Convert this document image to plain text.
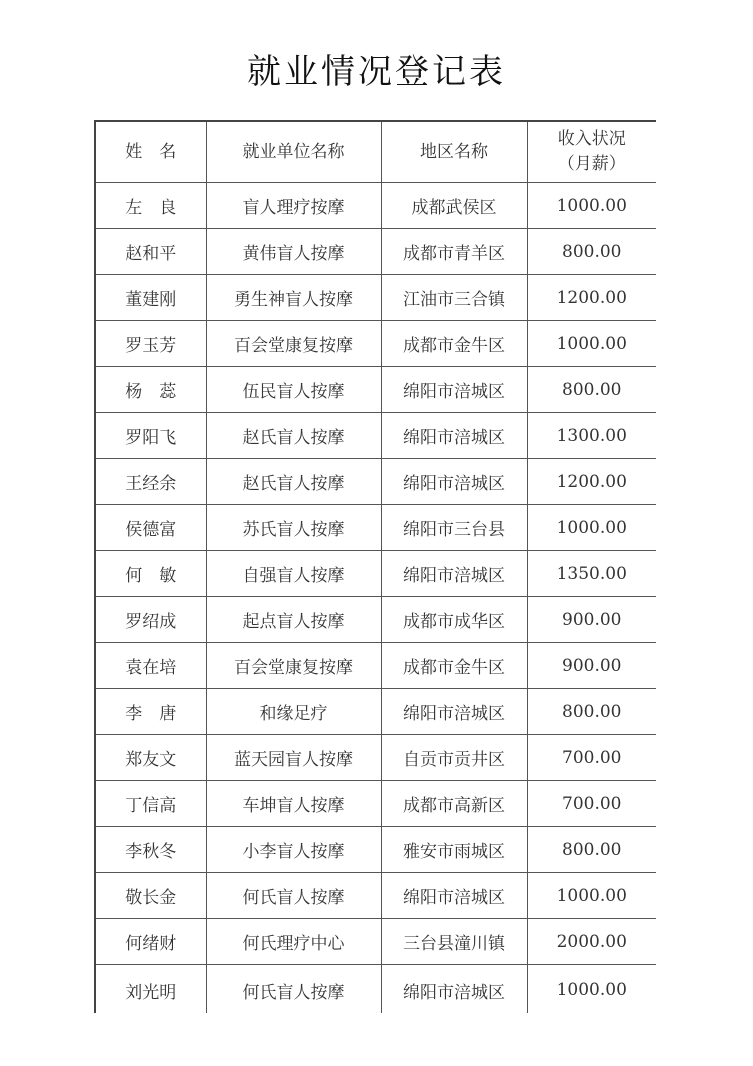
就业情况登记表
姓　名	就业单位名称	地区名称	收入状况
（月薪）

左　良	盲人理疗按摩	成都武侯区	1000.00
赵和平	黄伟盲人按摩	成都市青羊区	800.00
董建刚	勇生神盲人按摩	江油市三合镇	1200.00
罗玉芳	百会堂康复按摩	成都市金牛区	1000.00
杨　蕊	伍民盲人按摩	绵阳市涪城区	800.00
罗阳飞	赵氏盲人按摩	绵阳市涪城区	1300.00
王经余	赵氏盲人按摩	绵阳市涪城区	1200.00
侯德富	苏氏盲人按摩	绵阳市三台县	1000.00
何　敏	自强盲人按摩	绵阳市涪城区	1350.00
罗绍成	起点盲人按摩	成都市成华区	900.00
袁在培	百会堂康复按摩	成都市金牛区	900.00
李　唐	和缘足疗	绵阳市涪城区	800.00
郑友文	蓝天园盲人按摩	自贡市贡井区	700.00
丁信高	车坤盲人按摩	成都市高新区	700.00
李秋冬	小李盲人按摩	雅安市雨城区	800.00
敬长金	何氏盲人按摩	绵阳市涪城区	1000.00
何绪财	何氏理疗中心	三台县潼川镇	2000.00
刘光明	何氏盲人按摩	绵阳市涪城区	1000.00
